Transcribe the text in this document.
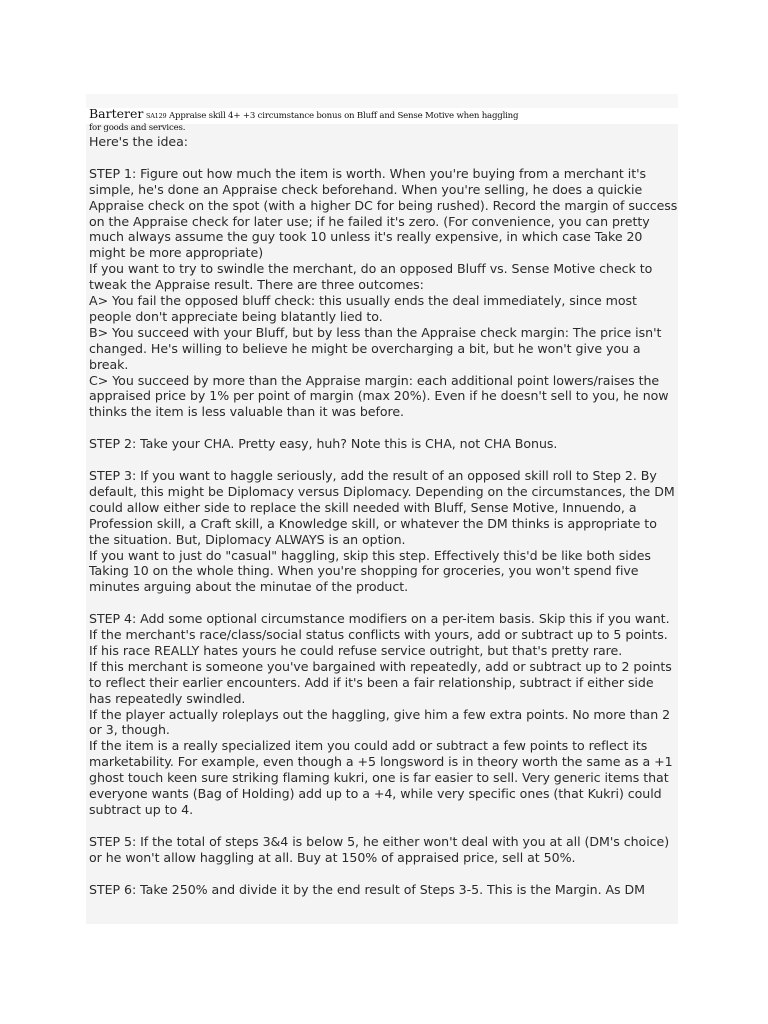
Barterer SA129 Appraise skill 4+ +3 circumstance bonus on Bluff and Sense Motive when haggling
for goods and services.

Here's the idea:

STEP 1: Figure out how much the item is worth. When you're buying from a merchant it's simple, he's done an Appraise check beforehand. When you're selling, he does a quickie Appraise check on the spot (with a higher DC for being rushed). Record the margin of success on the Appraise check for later use; if he failed it's zero. (For convenience, you can pretty much always assume the guy took 10 unless it's really expensive, in which case Take 20 might be more appropriate)

If you want to try to swindle the merchant, do an opposed Bluff vs. Sense Motive check to tweak the Appraise result. There are three outcomes:

A> You fail the opposed bluff check: this usually ends the deal immediately, since most people don't appreciate being blatantly lied to.

B> You succeed with your Bluff, but by less than the Appraise check margin: The price isn't changed. He's willing to believe he might be overcharging a bit, but he won't give you a break.

C> You succeed by more than the Appraise margin: each additional point lowers/raises the appraised price by 1% per point of margin (max 20%). Even if he doesn't sell to you, he now thinks the item is less valuable than it was before.

STEP 2: Take your CHA. Pretty easy, huh? Note this is CHA, not CHA Bonus.

STEP 3: If you want to haggle seriously, add the result of an opposed skill roll to Step 2. By default, this might be Diplomacy versus Diplomacy. Depending on the circumstances, the DM could allow either side to replace the skill needed with Bluff, Sense Motive, Innuendo, a Profession skill, a Craft skill, a Knowledge skill, or whatever the DM thinks is appropriate to the situation. But, Diplomacy ALWAYS is an option.

If you want to just do "casual" haggling, skip this step. Effectively this'd be like both sides Taking 10 on the whole thing. When you're shopping for groceries, you won't spend five minutes arguing about the minutae of the product.

STEP 4: Add some optional circumstance modifiers on a per-item basis. Skip this if you want.

If the merchant's race/class/social status conflicts with yours, add or subtract up to 5 points. If his race REALLY hates yours he could refuse service outright, but that's pretty rare.

If this merchant is someone you've bargained with repeatedly, add or subtract up to 2 points to reflect their earlier encounters. Add if it's been a fair relationship, subtract if either side has repeatedly swindled.

If the player actually roleplays out the haggling, give him a few extra points. No more than 2 or 3, though.

If the item is a really specialized item you could add or subtract a few points to reflect its marketability. For example, even though a +5 longsword is in theory worth the same as a +1 ghost touch keen sure striking flaming kukri, one is far easier to sell. Very generic items that everyone wants (Bag of Holding) add up to a +4, while very specific ones (that Kukri) could subtract up to 4.

STEP 5: If the total of steps 3&4 is below 5, he either won't deal with you at all (DM's choice) or he won't allow haggling at all. Buy at 150% of appraised price, sell at 50%.

STEP 6: Take 250% and divide it by the end result of Steps 3-5. This is the Margin. As DM
